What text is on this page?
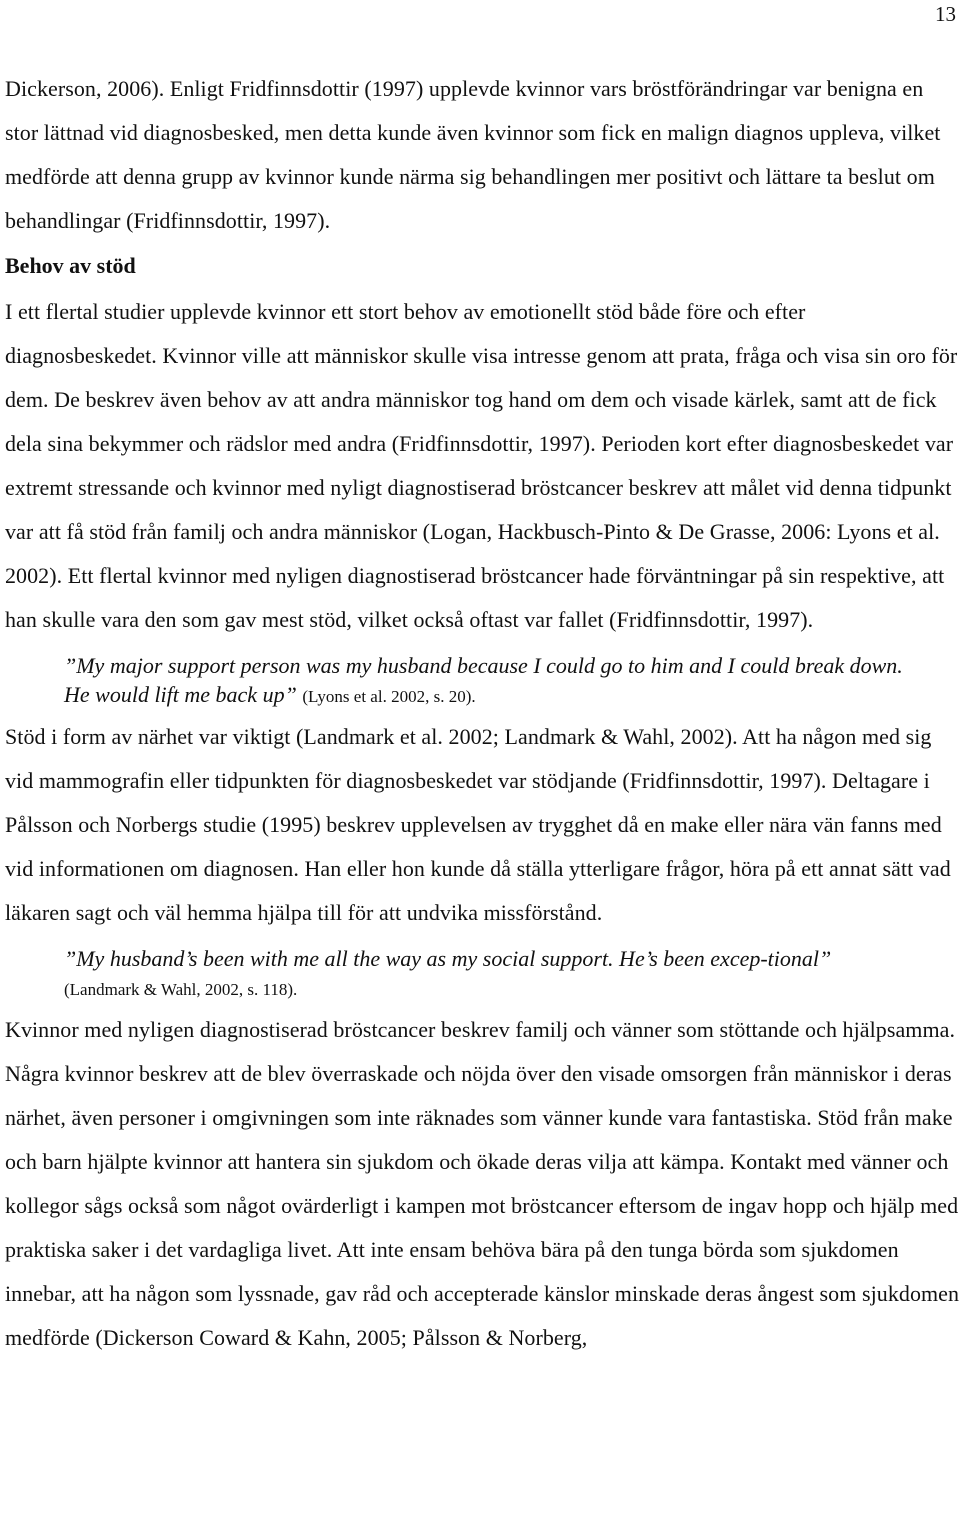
13

Dickerson, 2006). Enligt Fridfinnsdottir (1997) upplevde kvinnor vars bröstförändringar var benigna en stor lättnad vid diagnosbesked, men detta kunde även kvinnor som fick en malign diagnos uppleva, vilket medförde att denna grupp av kvinnor kunde närma sig behandlingen mer positivt och lättare ta beslut om behandlingar (Fridfinnsdottir, 1997).

Behov av stöd

I ett flertal studier upplevde kvinnor ett stort behov av emotionellt stöd både före och efter diagnosbeskedet. Kvinnor ville att människor skulle visa intresse genom att prata, fråga och visa sin oro för dem. De beskrev även behov av att andra människor tog hand om dem och visade kärlek, samt att de fick dela sina bekymmer och rädslor med andra (Fridfinnsdottir, 1997). Perioden kort efter diagnosbeskedet var extremt stressande och kvinnor med nyligt diagnostiserad bröstcancer beskrev att målet vid denna tidpunkt var att få stöd från familj och andra människor (Logan, Hackbusch-Pinto & De Grasse, 2006: Lyons et al. 2002). Ett flertal kvinnor med nyligen diagnostiserad bröstcancer hade förväntningar på sin respektive, att han skulle vara den som gav mest stöd, vilket också oftast var fallet (Fridfinnsdottir, 1997).

”My major support person was my husband because I could go to him and I could break down. He would lift me back up” (Lyons et al. 2002, s. 20).

Stöd i form av närhet var viktigt (Landmark et al. 2002; Landmark & Wahl, 2002). Att ha någon med sig vid mammografin eller tidpunkten för diagnosbeskedet var stödjande (Fridfinnsdottir, 1997). Deltagare i Pålsson och Norbergs studie (1995) beskrev upplevelsen av trygghet då en make eller nära vän fanns med vid informationen om diagnosen. Han eller hon kunde då ställa ytterligare frågor, höra på ett annat sätt vad läkaren sagt och väl hemma hjälpa till för att undvika missförstånd.

”My husband’s been with me all the way as my social support. He’s been excep-tional” (Landmark & Wahl, 2002, s. 118).

Kvinnor med nyligen diagnostiserad bröstcancer beskrev familj och vänner som stöttande och hjälpsamma. Några kvinnor beskrev att de blev överraskade och nöjda över den visade omsorgen från människor i deras närhet, även personer i omgivningen som inte räknades som vänner kunde vara fantastiska. Stöd från make och barn hjälpte kvinnor att hantera sin sjukdom och ökade deras vilja att kämpa. Kontakt med vänner och kollegor sågs också som något ovärderligt i kampen mot bröstcancer eftersom de ingav hopp och hjälp med praktiska saker i det vardagliga livet. Att inte ensam behöva bära på den tunga börda som sjukdomen innebar, att ha någon som lyssnade, gav råd och accepterade känslor minskade deras ångest som sjukdomen medförde (Dickerson Coward & Kahn, 2005; Pålsson & Norberg,
